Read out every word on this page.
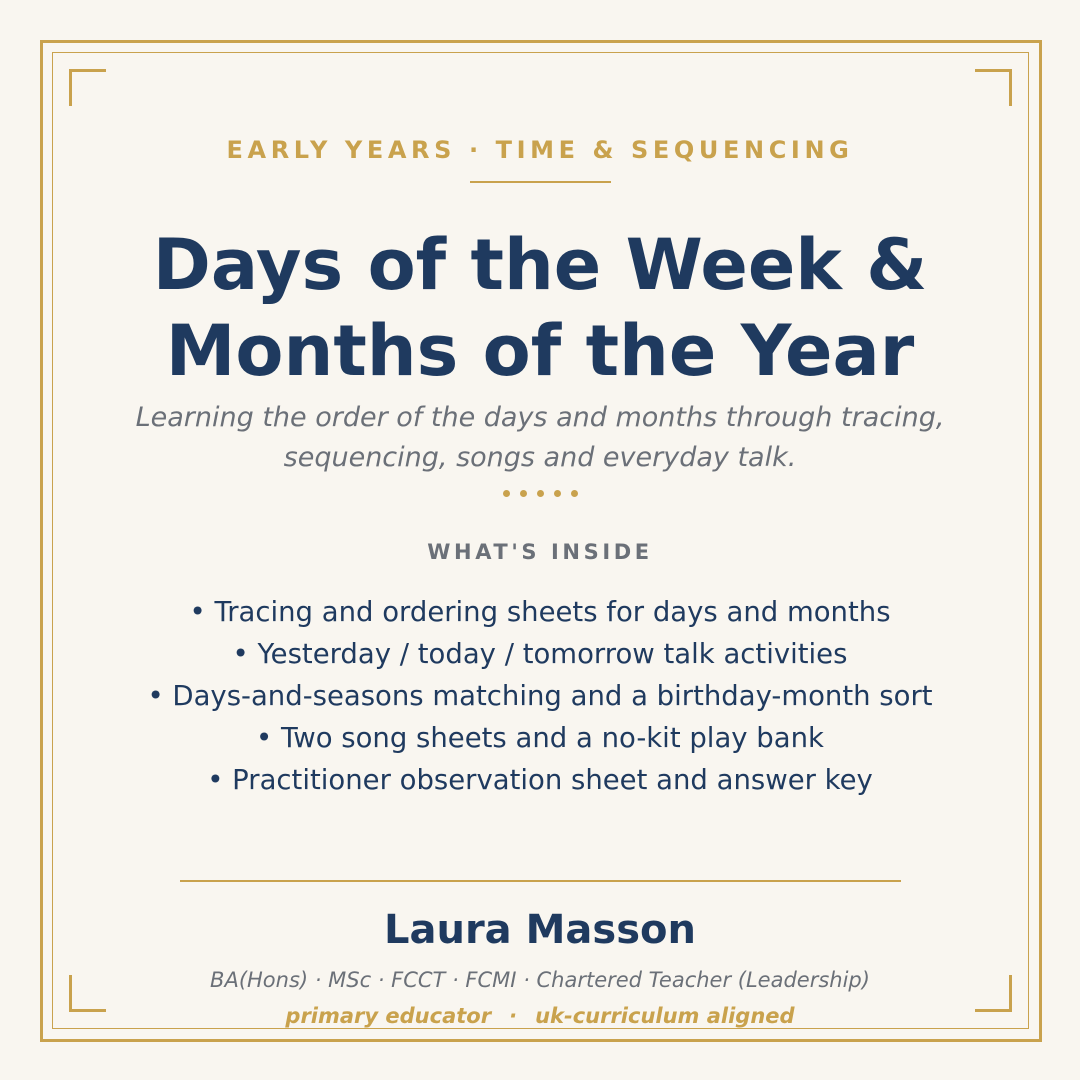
EARLY YEARS · TIME & SEQUENCING
Days of the Week &
Months of the Year
Learning the order of the days and months through tracing, sequencing, songs and everyday talk.
WHAT'S INSIDE
• Tracing and ordering sheets for days and months
• Yesterday / today / tomorrow talk activities
• Days-and-seasons matching and a birthday-month sort
• Two song sheets and a no-kit play bank
• Practitioner observation sheet and answer key
Laura Masson
BA(Hons) · MSc · FCCT · FCMI · Chartered Teacher (Leadership)
primary educator · uk-curriculum aligned
